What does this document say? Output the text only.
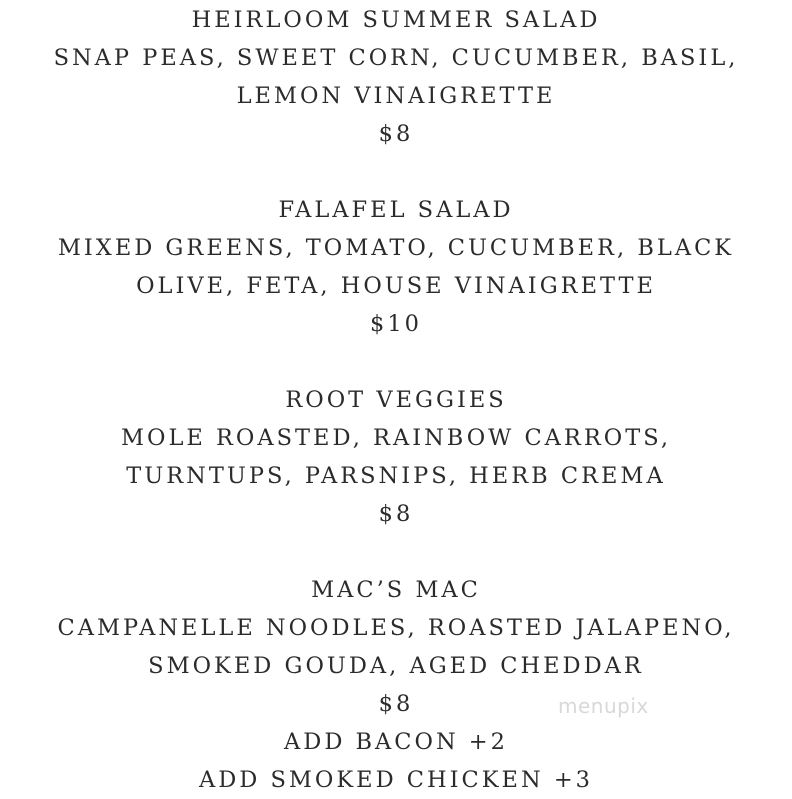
HEIRLOOM SUMMER SALAD
SNAP PEAS, SWEET CORN, CUCUMBER, BASIL,
LEMON VINAIGRETTE
$8
FALAFEL SALAD
MIXED GREENS, TOMATO, CUCUMBER, BLACK
OLIVE, FETA, HOUSE VINAIGRETTE
$10
ROOT VEGGIES
MOLE ROASTED, RAINBOW CARROTS,
TURNTUPS, PARSNIPS, HERB CREMA
$8
MAC’S MAC
CAMPANELLE NOODLES, ROASTED JALAPENO,
SMOKED GOUDA, AGED CHEDDAR
$8
ADD BACON +2
ADD SMOKED CHICKEN +3
menupix
